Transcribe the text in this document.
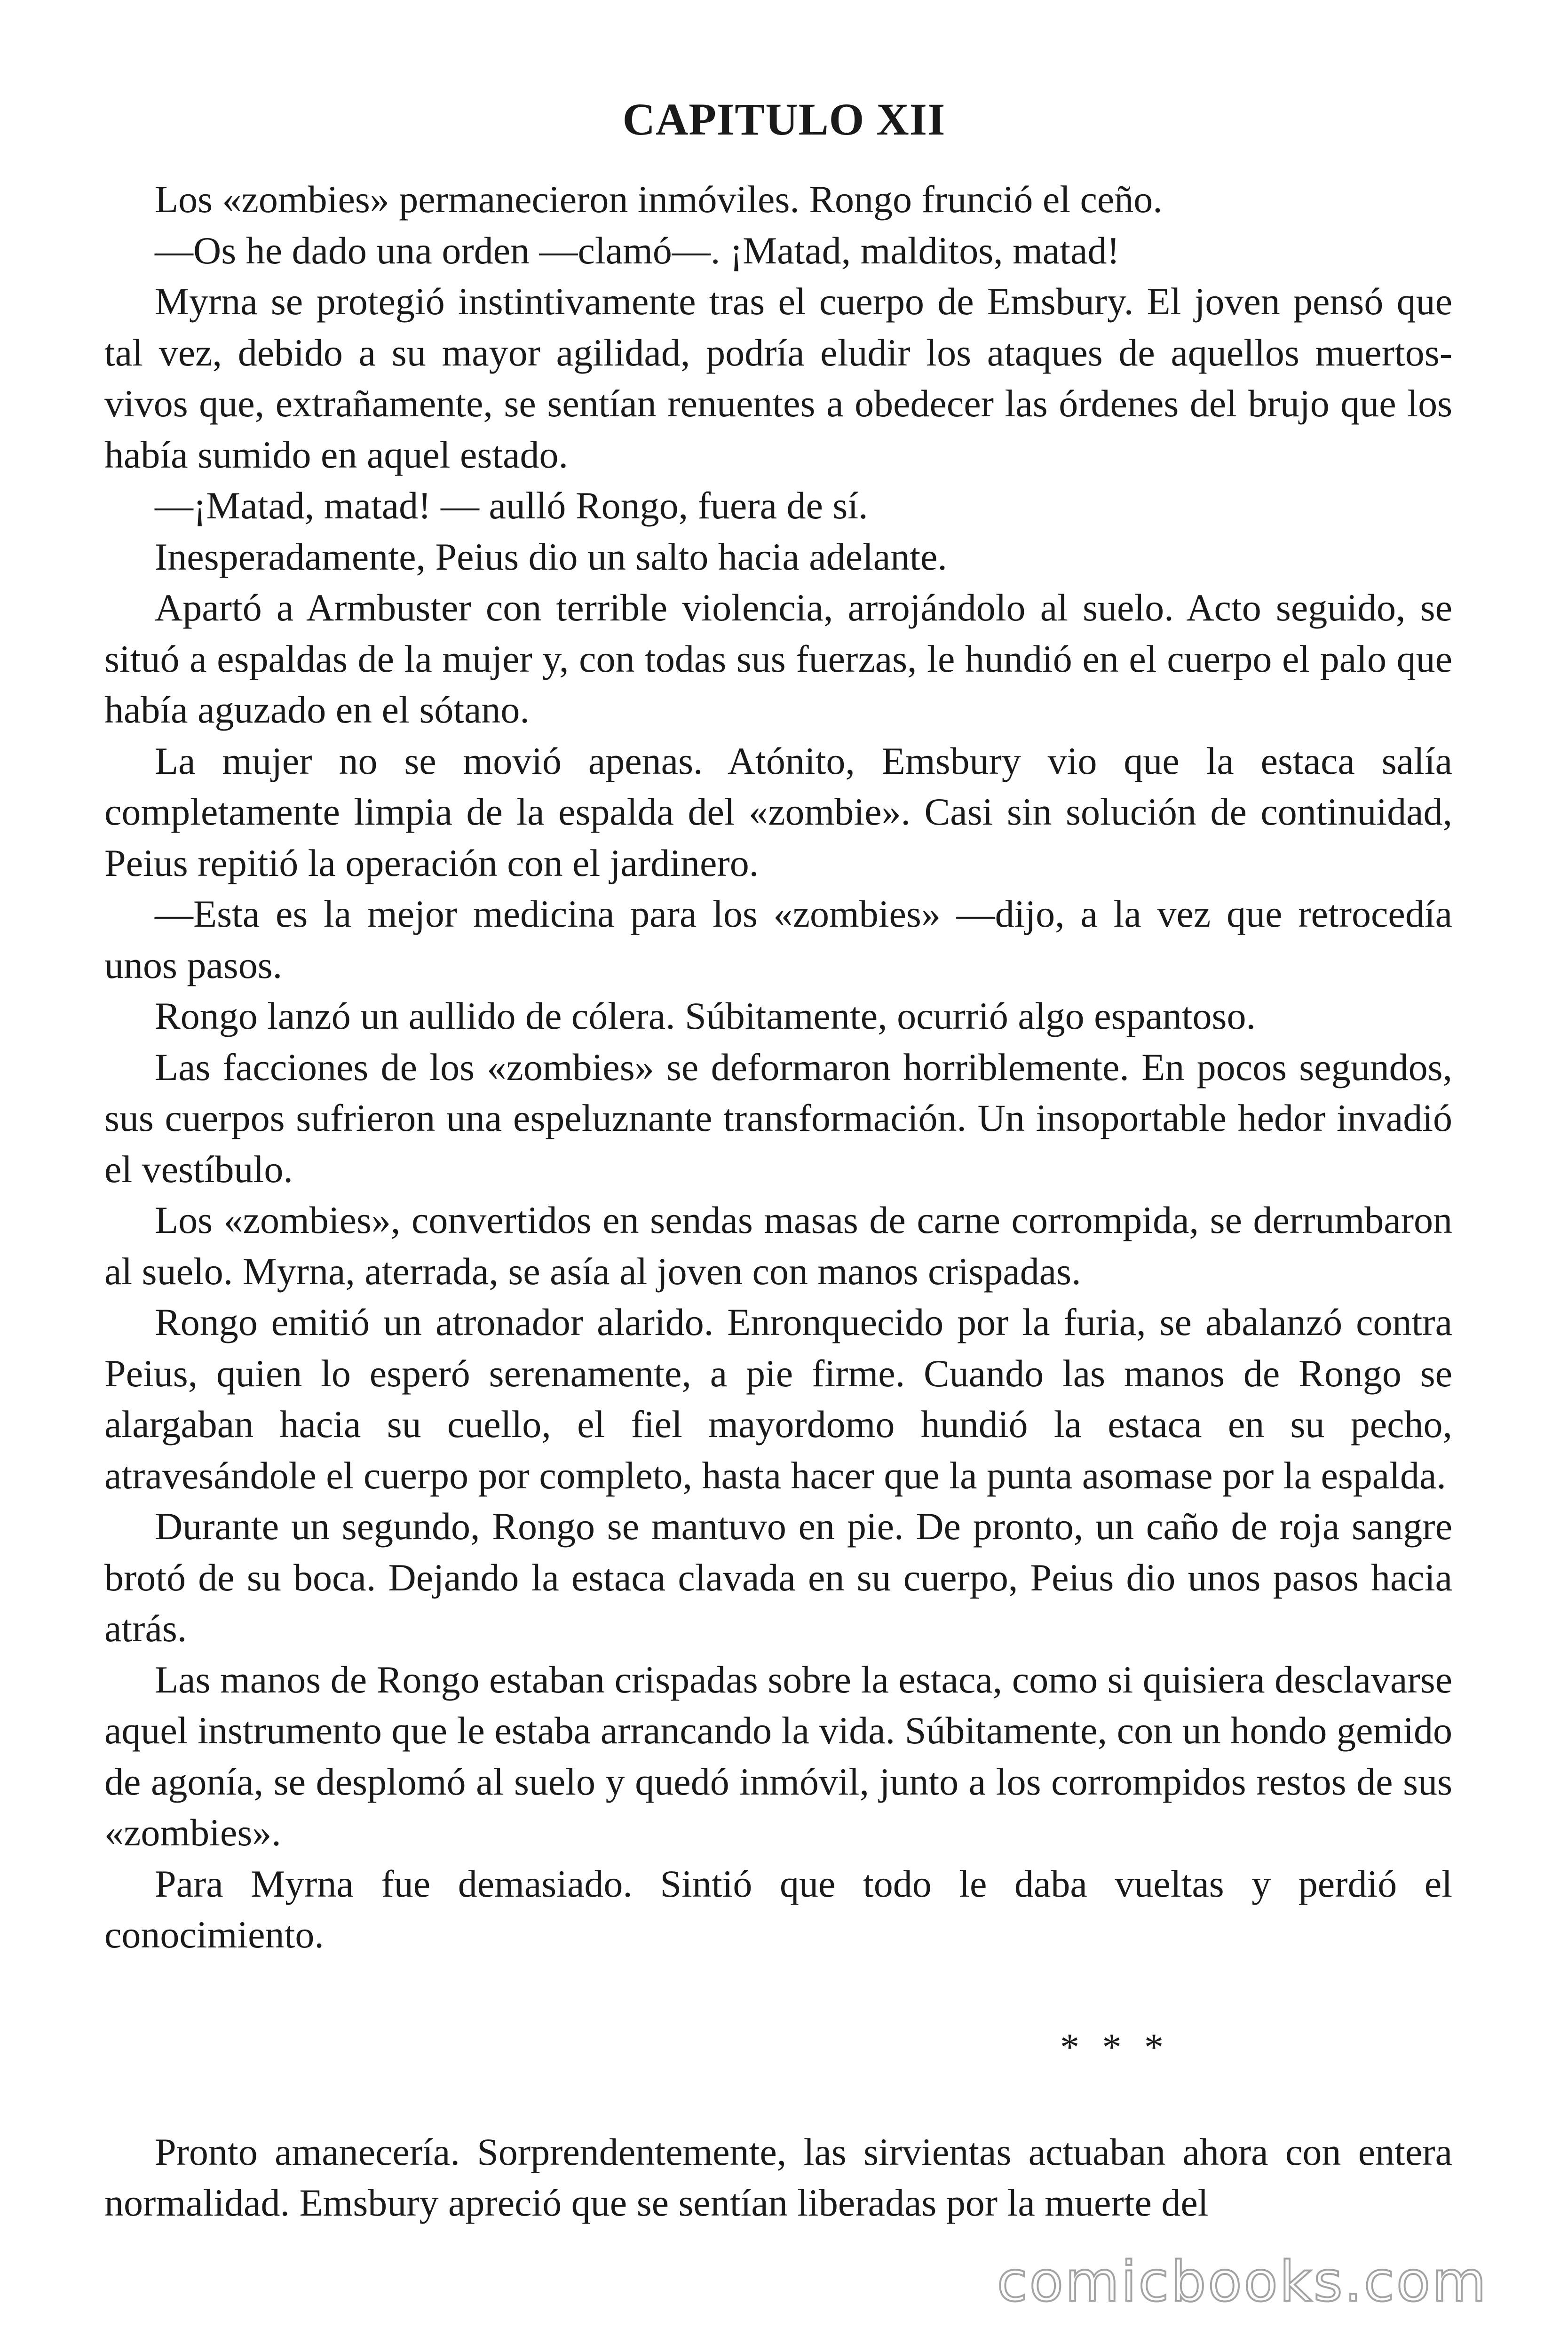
CAPITULO XII

Los «zombies» permanecieron inmóviles. Rongo frunció el ceño.

—Os he dado una orden —clamó—. ¡Matad, malditos, matad!

Myrna se protegió instintivamente tras el cuerpo de Emsbury. El joven pensó que tal vez, debido a su mayor agilidad, podría eludir los ataques de aquellos muertos-vivos que, extrañamente, se sentían renuentes a obedecer las órdenes del brujo que los había sumido en aquel estado.

—¡Matad, matad! — aulló Rongo, fuera de sí.

Inesperadamente, Peius dio un salto hacia adelante.

Apartó a Armbuster con terrible violencia, arrojándolo al suelo. Acto seguido, se situó a espaldas de la mujer y, con todas sus fuerzas, le hundió en el cuerpo el palo que había aguzado en el sótano.

La mujer no se movió apenas. Atónito, Emsbury vio que la estaca salía completamente limpia de la espalda del «zombie». Casi sin solución de continuidad, Peius repitió la operación con el jardinero.

—Esta es la mejor medicina para los «zombies» —dijo, a la vez que retrocedía unos pasos.

Rongo lanzó un aullido de cólera. Súbitamente, ocurrió algo espantoso.

Las facciones de los «zombies» se deformaron horriblemente. En pocos segundos, sus cuerpos sufrieron una espeluznante transformación. Un insoportable hedor invadió el vestíbulo.

Los «zombies», convertidos en sendas masas de carne corrompida, se derrumbaron al suelo. Myrna, aterrada, se asía al joven con manos crispadas.

Rongo emitió un atronador alarido. Enronquecido por la furia, se abalanzó contra Peius, quien lo esperó serenamente, a pie firme. Cuando las manos de Rongo se alargaban hacia su cuello, el fiel mayordomo hundió la estaca en su pecho, atravesándole el cuerpo por completo, hasta hacer que la punta asomase por la espalda.

Durante un segundo, Rongo se mantuvo en pie. De pronto, un caño de roja sangre brotó de su boca. Dejando la estaca clavada en su cuerpo, Peius dio unos pasos hacia atrás.

Las manos de Rongo estaban crispadas sobre la estaca, como si quisiera desclavarse aquel instrumento que le estaba arrancando la vida. Súbitamente, con un hondo gemido de agonía, se desplomó al suelo y quedó inmóvil, junto a los corrompidos restos de sus «zombies».

Para Myrna fue demasiado. Sintió que todo le daba vueltas y perdió el conocimiento.

* * *

Pronto amanecería. Sorprendentemente, las sirvientas actuaban ahora con entera normalidad. Emsbury apreció que se sentían liberadas por la muerte del

comicbooks.com
